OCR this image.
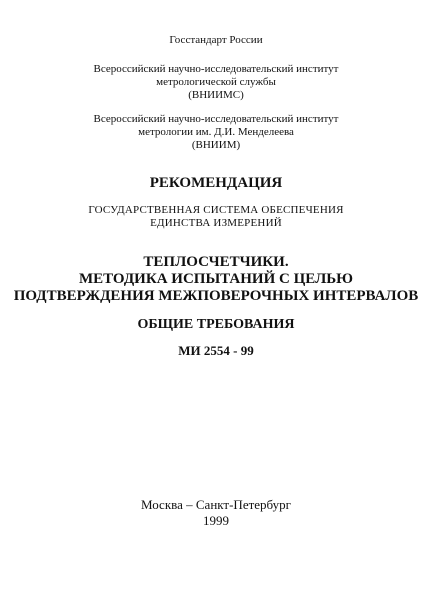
Госстандарт России
Всероссийский научно-исследовательский институт
метрологической службы
(ВНИИМС)
Всероссийский научно-исследовательский институт
метрологии им. Д.И. Менделеева
(ВНИИМ)
РЕКОМЕНДАЦИЯ
ГОСУДАРСТВЕННАЯ СИСТЕМА ОБЕСПЕЧЕНИЯ
ЕДИНСТВА ИЗМЕРЕНИЙ
ТЕПЛОСЧЕТЧИКИ.
МЕТОДИКА ИСПЫТАНИЙ С ЦЕЛЬЮ
ПОДТВЕРЖДЕНИЯ МЕЖПОВЕРОЧНЫХ ИНТЕРВАЛОВ
ОБЩИЕ ТРЕБОВАНИЯ
МИ 2554 - 99
Москва – Санкт-Петербург
1999
